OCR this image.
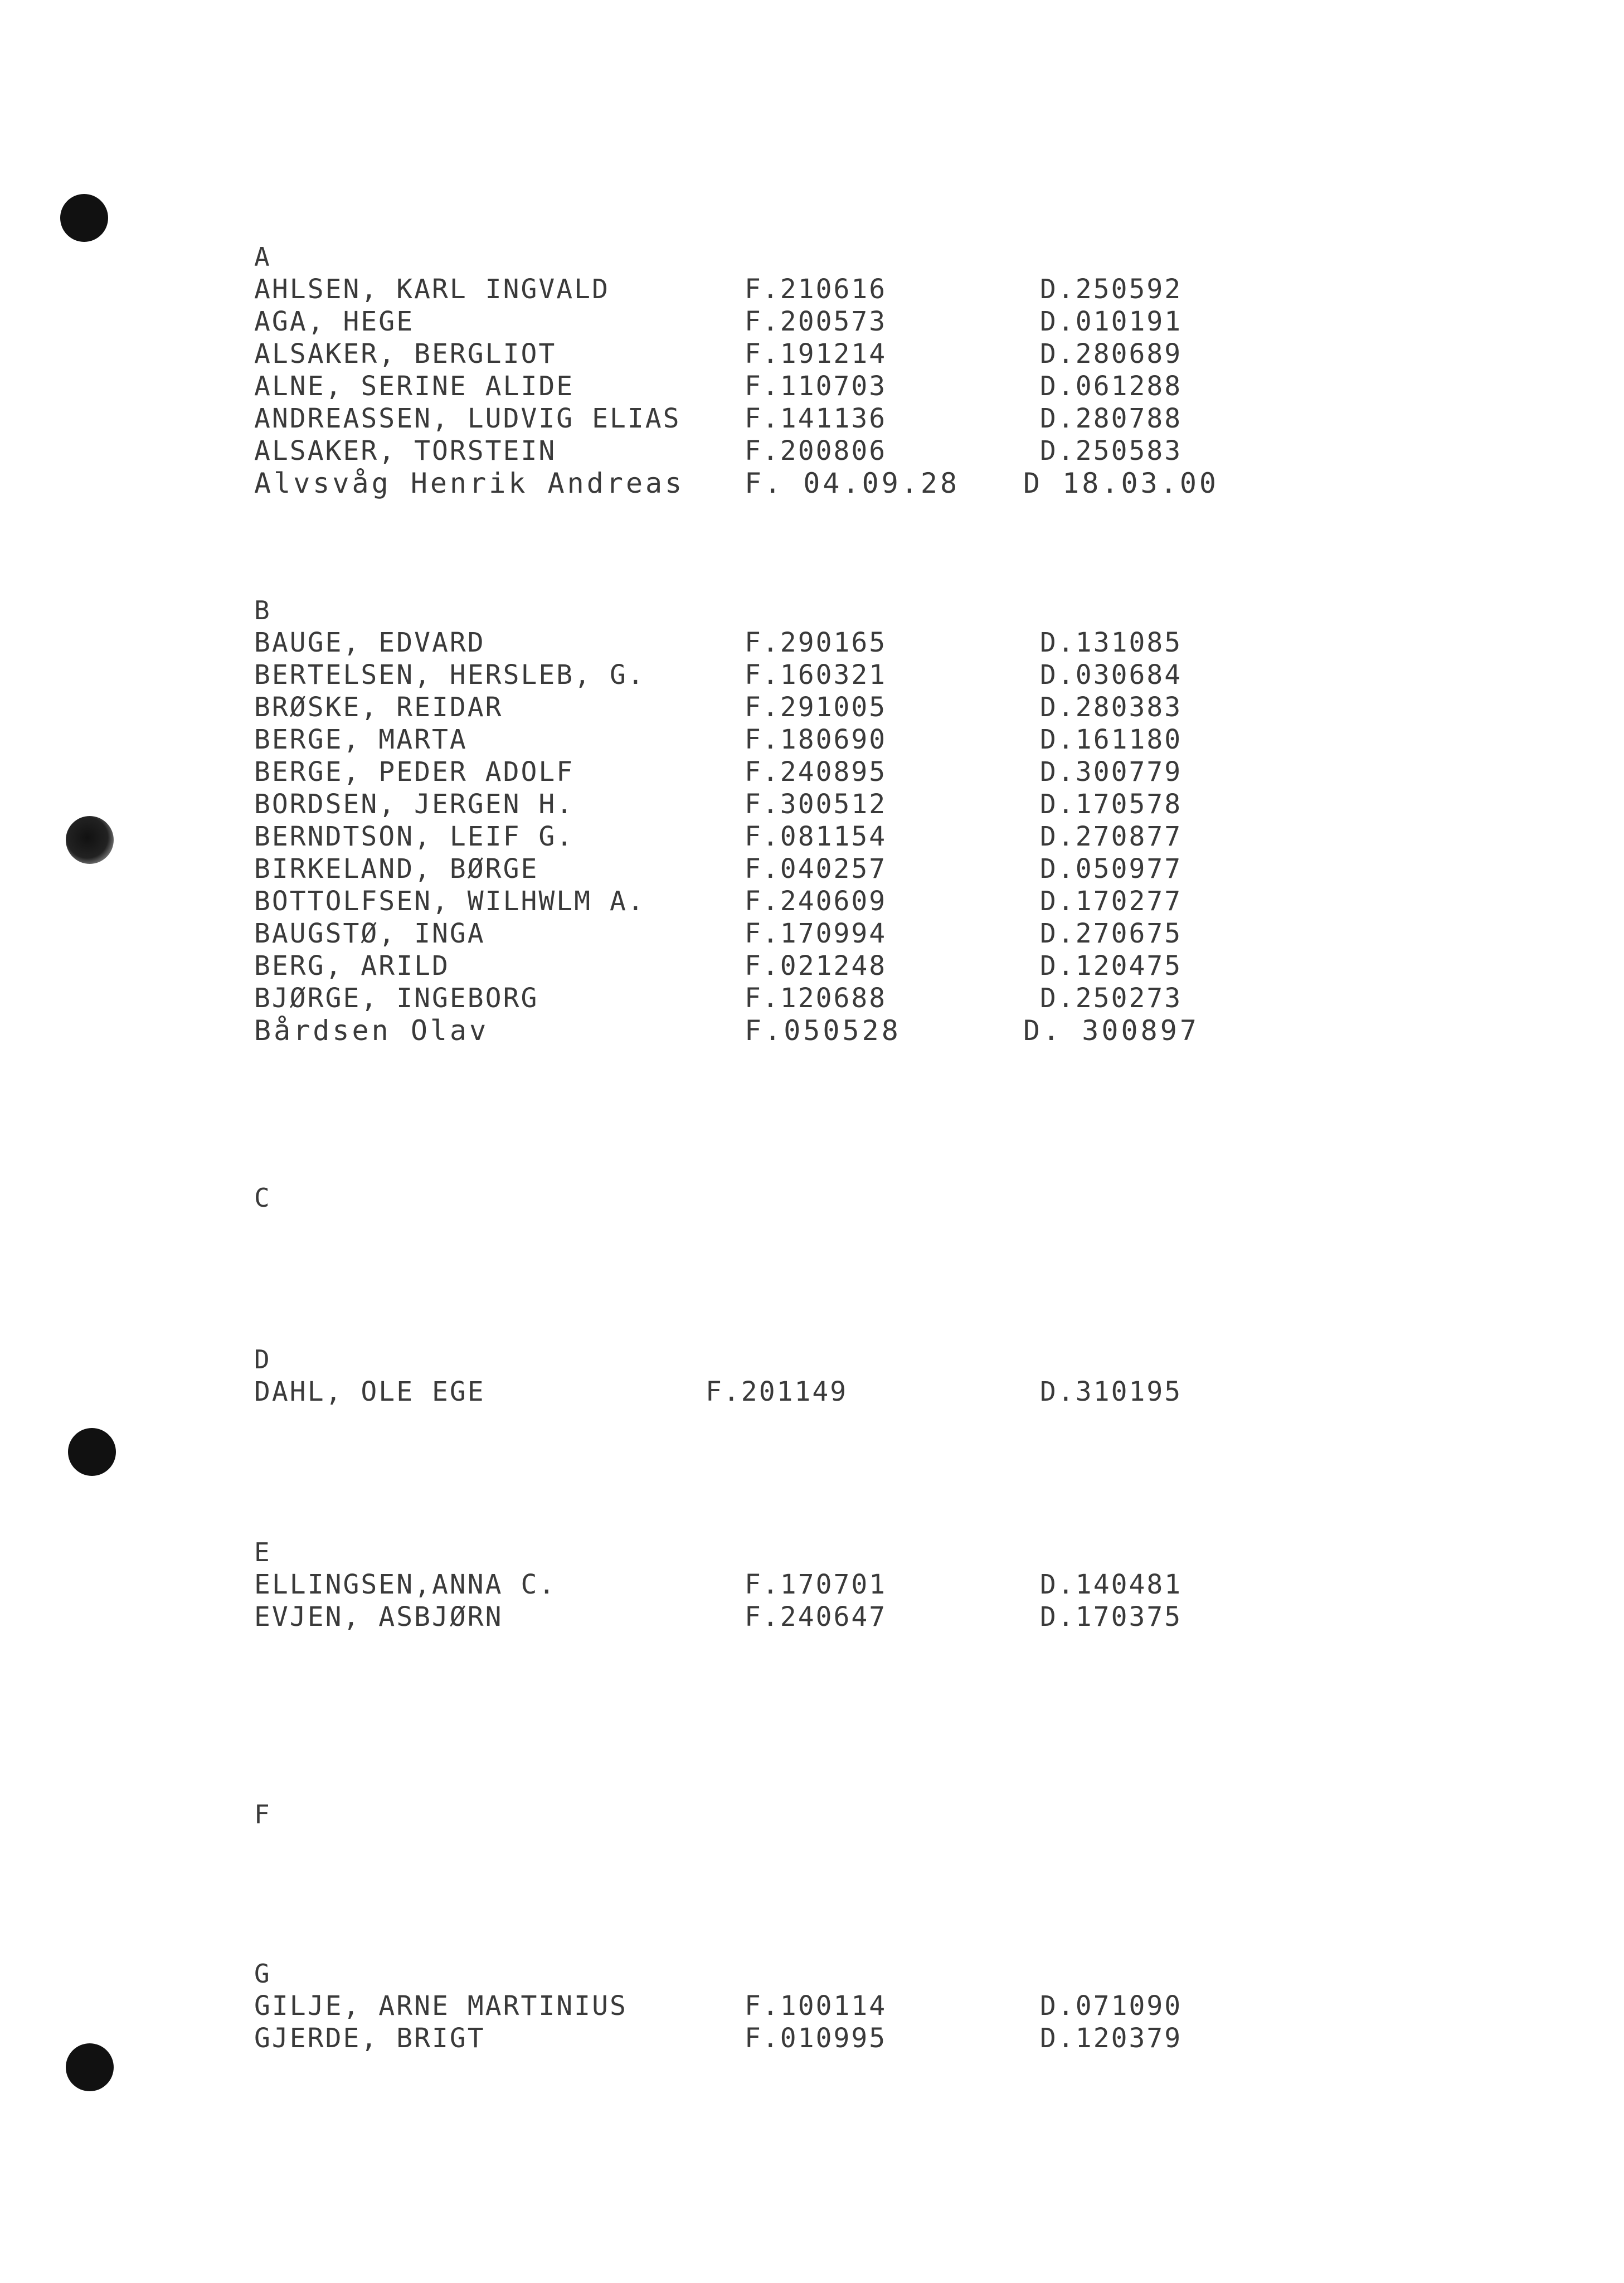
A
AHLSEN, KARL INGVALD	F.210616	D.250592
AGA, HEGE	F.200573	D.010191
ALSAKER, BERGLIOT	F.191214	D.280689
ALNE, SERINE ALIDE	F.110703	D.061288
ANDREASSEN, LUDVIG ELIAS F.141136	D.280788
ALSAKER, TORSTEIN	F.200806	D.250583
Alvsvåg Henrik Andreas F. 04.09.28 D 18.03.00
B
BAUGE, EDVARD	F.290165	D.131085
BERTELSEN, HERSLEB, G.	F.160321	D.030684
BRØSKE, REIDAR	F.291005	D.280383
BERGE, MARTA	F.180690	D.161180
BERGE, PEDER ADOLF	F.240895	D.300779
BORDSEN, JERGEN H.	F.300512	D.170578
BERNDTSON, LEIF G.	F.081154	D.270877
BIRKELAND, BØRGE	F.040257	D.050977
BOTTOLFSEN, WILHWLM A.	F.240609	D.170277
BAUGSTØ, INGA	F.170994	D.270675
BERG, ARILD	F.021248	D.120475
BJØRGE, INGEBORG	F.120688	D.250273
Bårdsen Olav	F.050528	D. 300897
C
D
DAHL, OLE EGE	F.201149	D.310195
E
ELLINGSEN,ANNA C.	F.170701	D.140481
EVJEN, ASBJØRN	F.240647	D.170375
F
G
GILJE, ARNE MARTINIUS	F.100114	D.071090
GJERDE, BRIGT	F.010995	D.120379
